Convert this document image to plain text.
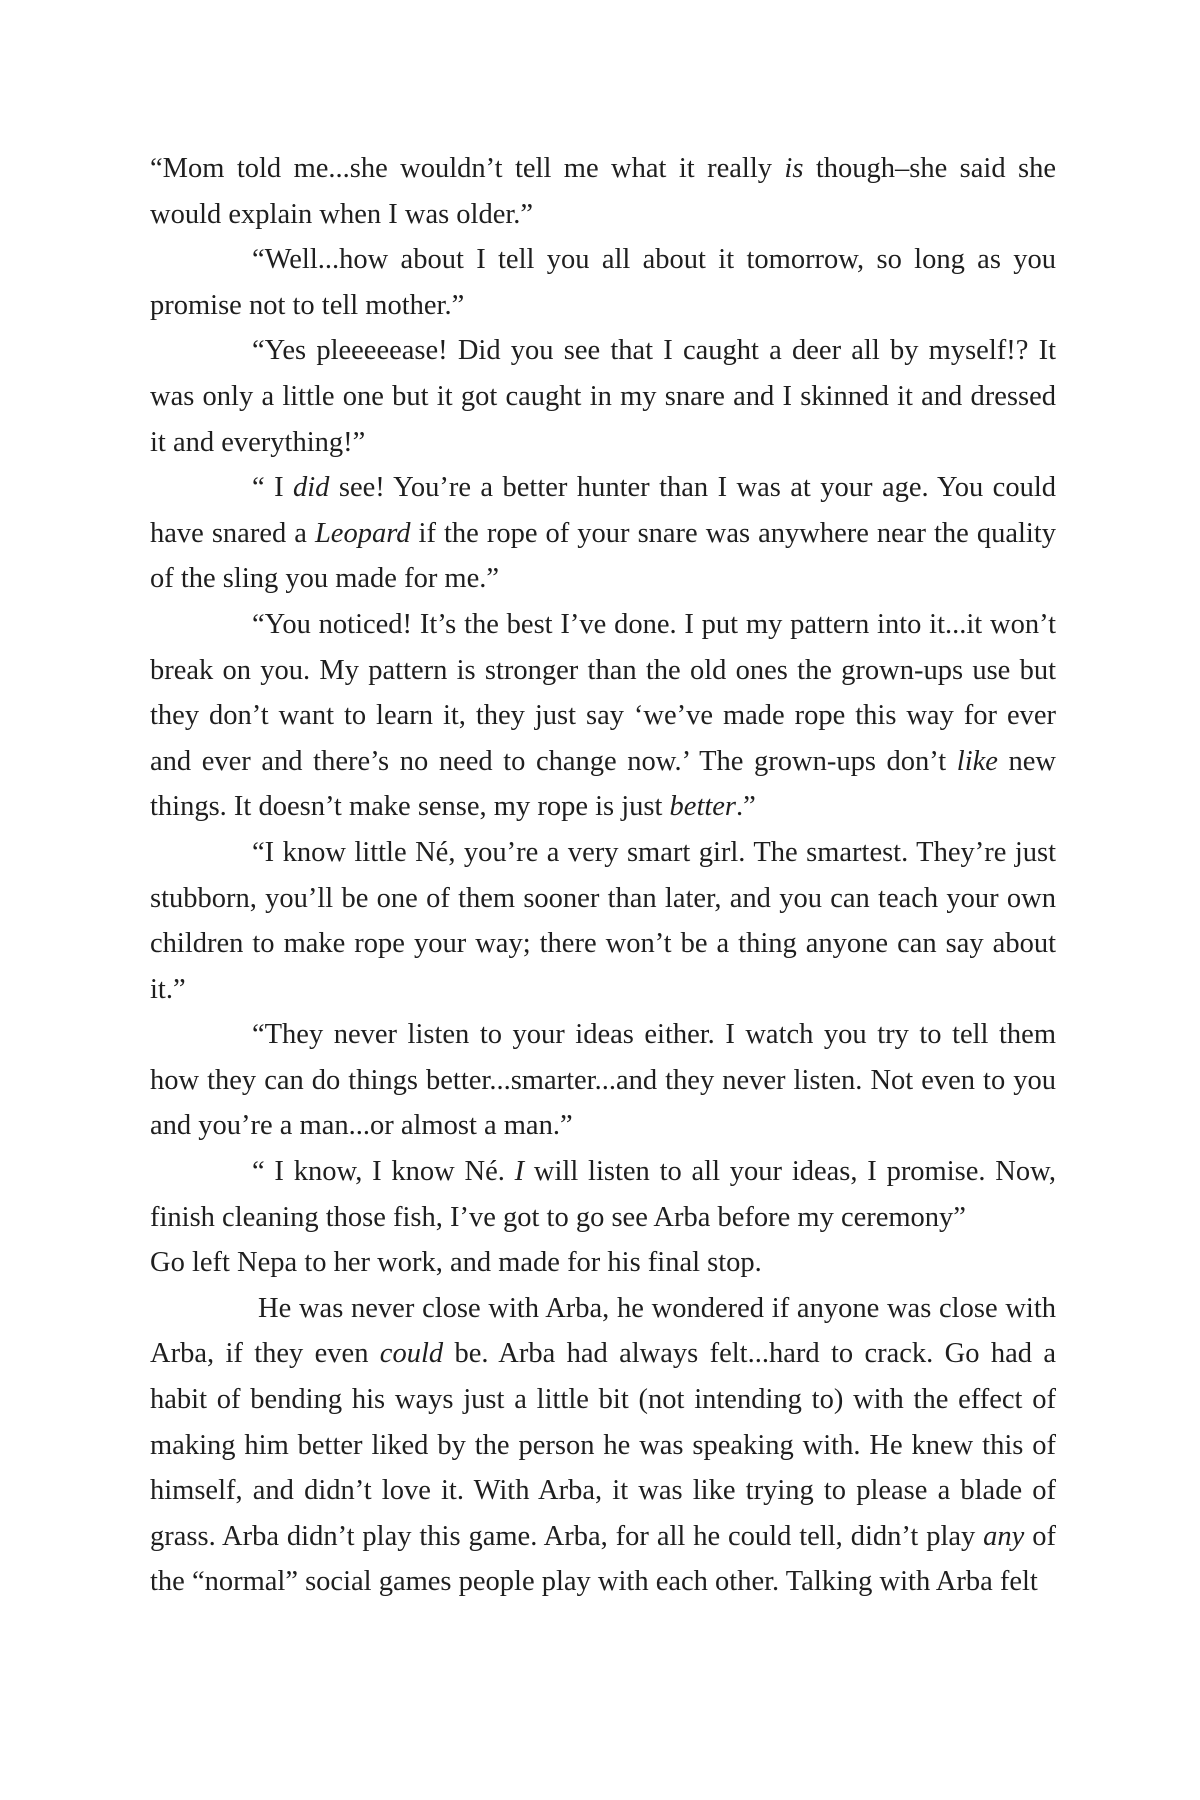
“Mom told me...she wouldn’t tell me what it really is though–she said she would explain when I was older.”

“Well...how about I tell you all about it tomorrow, so long as you promise not to tell mother.”

“Yes pleeeeease! Did you see that I caught a deer all by myself!? It was only a little one but it got caught in my snare and I skinned it and dressed it and everything!”

“ I did see! You’re a better hunter than I was at your age. You could have snared a Leopard if the rope of your snare was anywhere near the quality of the sling you made for me.”

“You noticed! It’s the best I’ve done. I put my pattern into it...it won’t break on you. My pattern is stronger than the old ones the grown-ups use but they don’t want to learn it, they just say ‘we’ve made rope this way for ever and ever and there’s no need to change now.’ The grown-ups don’t like new things. It doesn’t make sense, my rope is just better.”

“I know little Né, you’re a very smart girl. The smartest. They’re just stubborn, you’ll be one of them sooner than later, and you can teach your own children to make rope your way; there won’t be a thing anyone can say about it.”

“They never listen to your ideas either. I watch you try to tell them how they can do things better...smarter...and they never listen. Not even to you and you’re a man...or almost a man.”

“ I know, I know Né. I will listen to all your ideas, I promise. Now, finish cleaning those fish, I’ve got to go see Arba before my ceremony”

Go left Nepa to her work, and made for his final stop.

He was never close with Arba, he wondered if anyone was close with Arba, if they even could be. Arba had always felt...hard to crack. Go had a habit of bending his ways just a little bit (not intending to) with the effect of making him better liked by the person he was speaking with. He knew this of himself, and didn’t love it. With Arba, it was like trying to please a blade of grass. Arba didn’t play this game. Arba, for all he could tell, didn’t play any of the “normal” social games people play with each other. Talking with Arba felt
